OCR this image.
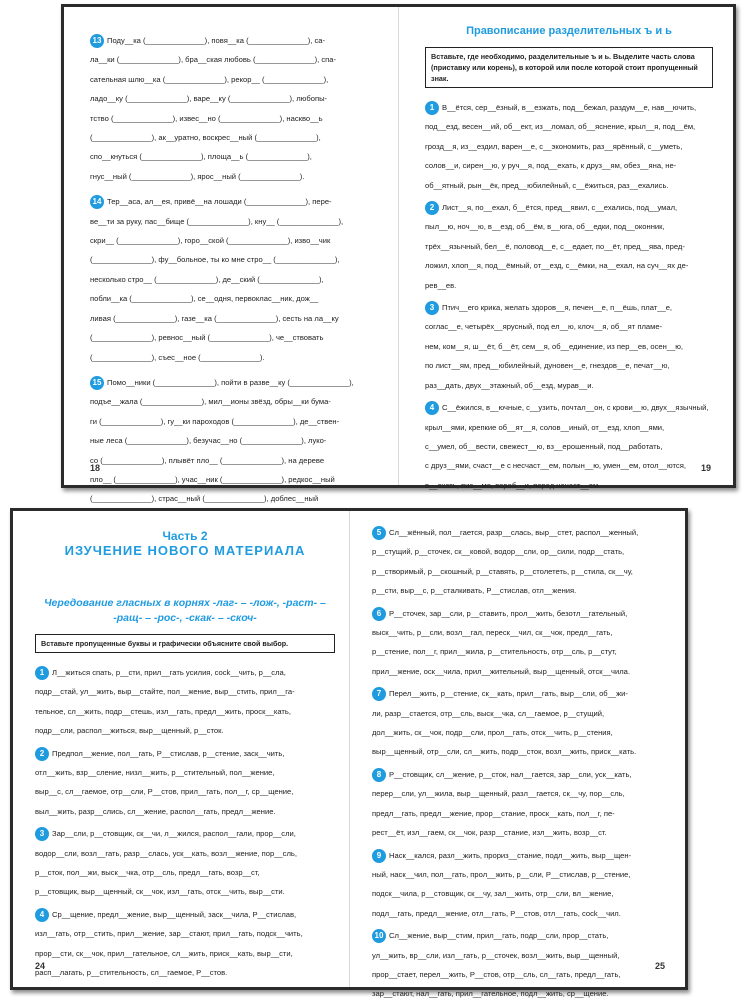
13 Поду__ка (______________), повя__ка (______________), са-
ла__ки (______________), бра__ская любовь (______________), спа-
сательная шлю__ка (______________), рекор__ (______________),
ладо__ку (______________), варе__ку (______________), любопы-
тство (______________), извес__но (______________), наскво__ь
(______________), ак__уратно, воскрес__ный (______________),
спо__кнуться (______________), площа__ь (______________),
гнус__ный (______________), ярос__ный (______________).
14 Тер__аса, ал__ея, привё__на лошади (______________), пере-
ве__ти за руку, пас__бище (______________), кну__ (______________),
скри__ (______________), горо__ской (______________), изво__чик
(______________), фу__больное, ты ко мне стро__ (______________),
несколько стро__ (______________), де__ский (______________),
побли__ка (______________), се__одня, первоклас__ник, дож__
ливая (______________), газе__ка (______________), сесть на ла__ку
(______________), ревнос__ный (______________), че__ствовать
(______________), съес__ное (______________).
15 Помо__ники (______________), пойти в разве__ку (______________),
подъе__жала (______________), мил__ионы звёзд, обры__ки бума-
ги (______________), гу__ки пароходов (______________), де__ствен-
ные леса (______________), безучас__но (______________), лукo-
со (______________), плывёт пло__ (______________), на дереве
пло__ (______________), учас__ник (______________), редкос__ный
(______________), страс__ный (______________), доблес__ный

18
Правописание разделительных ъ и ь
Вставьте, где необходимо, разделительные ъ и ь. Выделите часть слова (приставку или корень), в которой или после которой стоит пропущенный знак.
1 В__ётся, сер__ёзный, в__езжать, под__бежал, раздум__е, нав__ючить,
под__езд, весен__ий, об__ект, из__ломал, об__яснение, крыл__я, под__ём,
грозд__я, из__ездил, варен__е, с__экономить, раз__ярённый, с__уметь,
солов__и, сирен__ю, у руч__я, под__ехать, к друз__ям, обез__яна, не-
об__ятный, рын__ёк, пред__юбилейный, с__ёжиться, раз__ехались.
2 Лист__я, по__ехал, б__ётся, пред__явил, с__ехались, под__умал,
пыл__ю, ноч__ю, в__езд, об__ём, в__юга, об__едки, под__оконник,
трёх__язычный, бел__ё, половод__е, с__едает, по__ёт, пред__ява, пред-
ложил, хлоп__я, под__ёмный, от__езд, с__ёмки, на__ехал, на суч__ях де-
рев__ев.
3 Птич__его крика, желать здоров__я, печен__е, п__ёшь, плат__е,
соглас__е, четырёх__ярусный, под ел__ю, клоч__я, об__ят пламе-
нем, ком__я, ш__ёт, б__ёт, сем__я, об__единение, из пер__ев, осен__ю,
по лист__ям, пред__юбилейный, дуновен__е, гнездов__е, печат__ю,
раз__дать, двух__этажный, об__езд, мурав__и.
4 С__ёжился, в__ючные, с__узить, почтал__он, с крови__ю, двух__язычный,
крыл__ями, крепкие об__ят__я, солов__иный, от__езд, хлоп__ями,
с__умел, об__вести, свежест__ю, вз__ерошенный, под__работать,
с друз__ями, счаст__е с несчаст__ем, полын__ю, умен__ем, отол__ются,
в__ехать, пис__мо, вороб__и, перед ненаст__ем.
19
Часть 2
ИЗУЧЕНИЕ НОВОГО МАТЕРИАЛА
Чередование гласных в корнях -лаг- – -лож-, -раст- – -ращ- – -рос-, -скак- – -скоч-
Вставьте пропущенные буквы и графически объясните свой выбор.
1 Л__житься спать, р__сти, прил__гать усилия, сосk__чить, р__сла,
подр__стай, ул__жить, выр__стайте, пол__жение, выр__стить, прил__га-
тельное, сл__жить, подр__стешь, изл__гать, предл__жить, проск__кать,
подр__сли, распол__житься, выр__щенный, р__сток.
2 Предпол__жение, пол__гать, Р__стислав, р__стение, заск__чить,
отл__жить, взр__сление, низл__жить, р__стительный, пол__жение,
выр__с, сл__гаемое, отр__сли, Р__стов, прил__гать, пол__г, ср__щение,
выл__жить, разр__слись, сл__жение, распол__гать, предл__жение.
3 Зар__сли, р__стовщик, ск__чи, л__жился, распол__гали, прор__сли,
водор__сли, возл__гать, разр__слась, уск__кать, возл__жение, пор__сль,
р__сток, пол__жи, выск__чка, отр__сль, предл__гать, возр__ст,
р__стовщик, выр__щенный, ск__чок, изл__гать, отск__чить, выр__сти.
4 Ср__щение, предл__жение, выр__щенный, заск__чила, Р__стислав,
изл__гать, отр__стить, прил__жение, зар__стают, прил__гать, подск__чить,
прор__сти, ск__чок, прил__гательное, сл__жить, приск__кать, выр__сти,
расп__лагать, р__стительность, сл__гаемое, Р__стов.
24
5 Сл__жённый, пол__гается, разр__слась, выр__стет, распол__женный,
р__стущий, р__сточек, ск__ковой, водор__сли, ор__сили, подр__стать,
р__створимый, р__скошный, р__ставять, р__столететь, р__стила, ск__чу,
р__сти, выр__с, р__сталкивать, Р__стислав, отл__жения.
6 Р__сточек, зар__сли, р__ставить, прол__жить, безотл__гательный,
выск__чить, р__сли, возл__гал, переск__чил, ск__чок, предл__гать,
р__стение, пол__г, прил__жила, р__стительность, отр__сль, р__стут,
прил__жение, оск__чила, прил__жительный, выр__щенный, отск__чила.
7 Перел__жить, р__стение, ск__кать, прил__гать, выр__сли, об__жи-
ли, разр__стается, отр__сль, выск__чка, сл__гаемое, р__стущий,
дол__жить, ск__чок, подр__сли, прол__гать, отск__чить, р__стения,
выр__щенный, отр__сли, сл__жить, подр__сток, возл__жить, приск__кать.
8 Р__стовщик, сл__жение, р__сток, нал__гается, зар__сли, уск__кать,
перер__сли, ул__жила, выр__щенный, разл__гается, ск__чу, пор__сль,
предл__гать, предл__жение, прор__стание, проск__кать, пол__г, пе-
рест__ёт, изл__гаем, ск__чок, разр__стание, изл__жить, возр__ст.
9 Наск__кался, разл__жить, прориз__стание, подл__жить, выр__щен-
ный, наск__чил, пол__гать, прол__жить, р__сли, Р__стислав, р__стение,
подск__чила, р__стовщик, ск__чу, зал__жить, отр__сли, вл__жение,
подл__гать, предл__жение, отл__гать, Р__стов, отл__гать, сосk__чил.
10 Сл__жение, выр__стим, прил__гать, подр__сли, прор__стать,
ул__жить, вр__сли, изл__гать, р__сточек, возл__жить, выр__щенный,
прор__стает, перел__жить, Р__стов, отр__сль, сл__гать, предл__гать,
зар__стают, нал__гать, прил__гательное, подл__жить, ср__щение.
25
